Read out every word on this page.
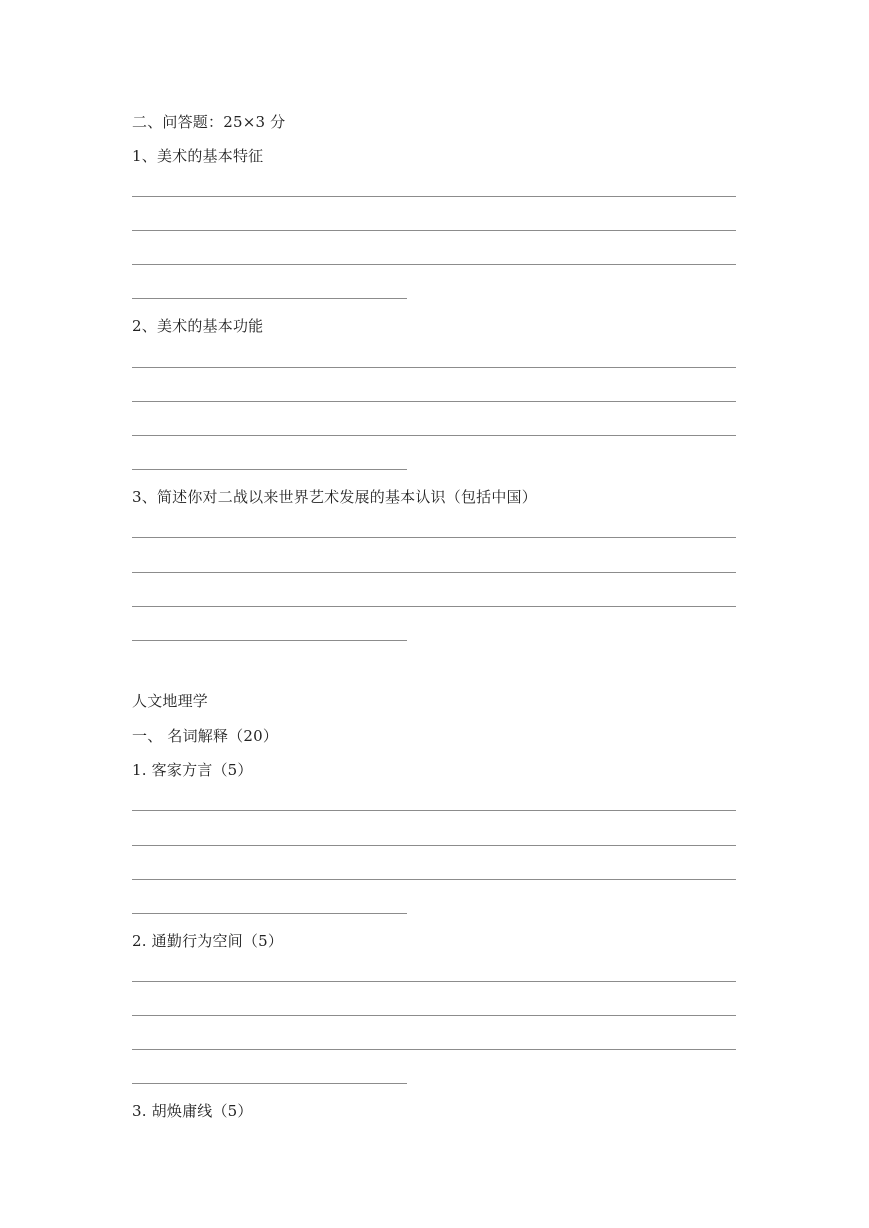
二、问答题：25×3 分
1、美术的基本特征
2、美术的基本功能
3、简述你对二战以来世界艺术发展的基本认识（包括中国）
人文地理学
一、 名词解释（20）
1. 客家方言（5）
2. 通勤行为空间（5）
3. 胡焕庸线（5）
